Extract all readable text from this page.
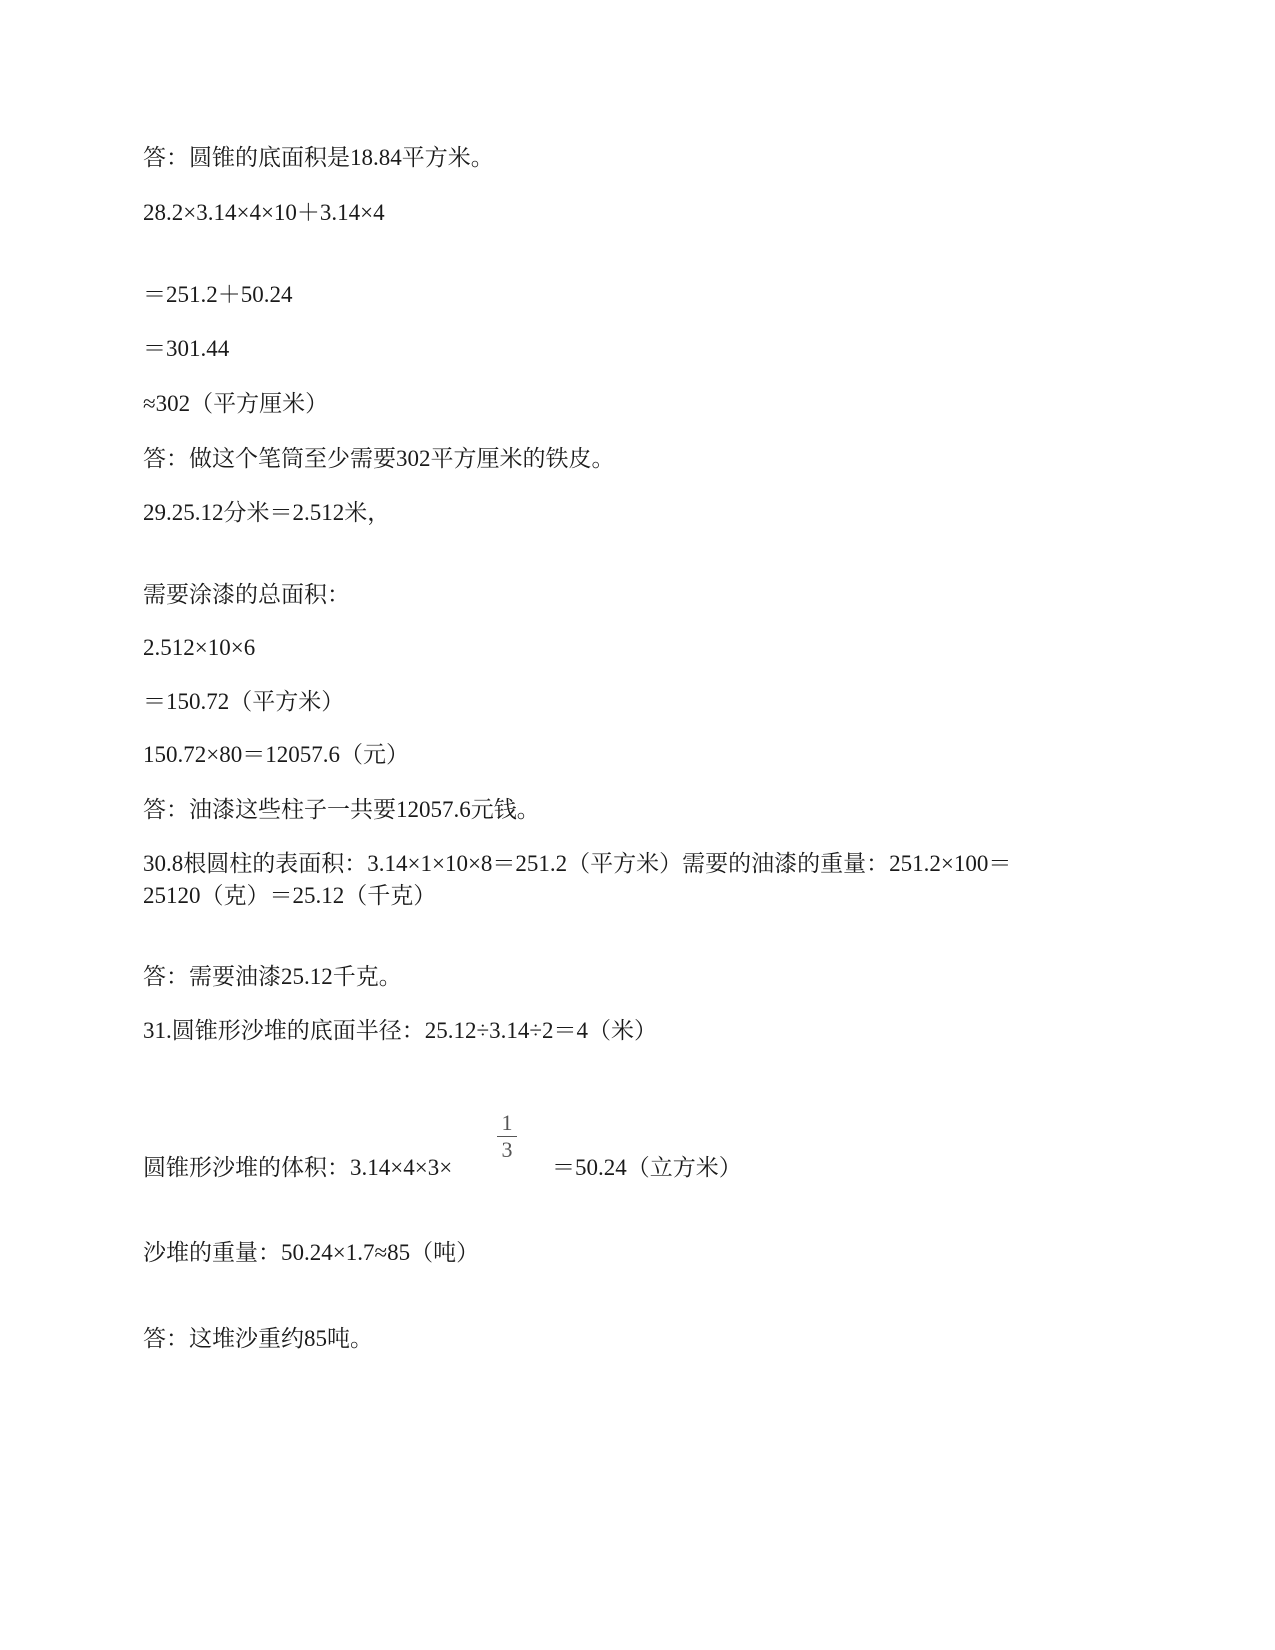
答：圆锥的底面积是18.84平方米。
28.2×3.14×4×10＋3.14×4
＝251.2＋50.24
＝301.44
≈302（平方厘米）
答：做这个笔筒至少需要302平方厘米的铁皮。
29.25.12分米＝2.512米，
需要涂漆的总面积：
2.512×10×6
＝150.72（平方米）
150.72×80＝12057.6（元）
答：油漆这些柱子一共要12057.6元钱。
30.8根圆柱的表面积：3.14×1×10×8＝251.2（平方米）需要的油漆的重量：251.2×100＝
25120（克）＝25.12（千克）
答：需要油漆25.12千克。
31.圆锥形沙堆的底面半径：25.12÷3.14÷2＝4（米）
圆锥形沙堆的体积：3.14×4×3×
1
3
＝50.24（立方米）
沙堆的重量：50.24×1.7≈85（吨）
答：这堆沙重约85吨。
